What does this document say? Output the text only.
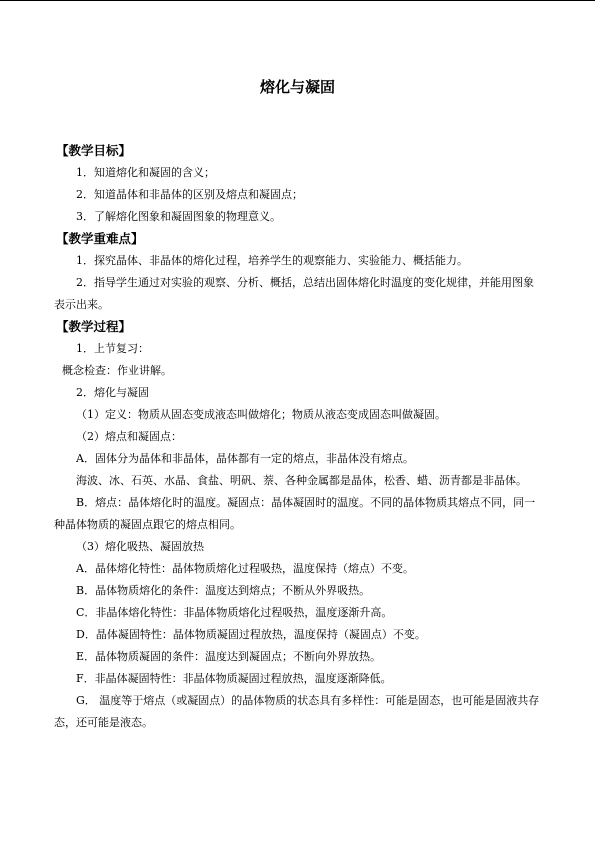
熔化与凝固
【教学目标】
1．知道熔化和凝固的含义；
2．知道晶体和非晶体的区别及熔点和凝固点；
3．了解熔化图象和凝固图象的物理意义。
【教学重难点】
1．探究晶体、非晶体的熔化过程，培养学生的观察能力、实验能力、概括能力。
2．指导学生通过对实验的观察、分析、概括，总结出固体熔化时温度的变化规律，并能用图象表示出来。
【教学过程】
1．上节复习：
概念检查：作业讲解。
2．熔化与凝固
（1）定义：物质从固态变成液态叫做熔化；物质从液态变成固态叫做凝固。
（2）熔点和凝固点：
A．固体分为晶体和非晶体，晶体都有一定的熔点，非晶体没有熔点。
海波、冰、石英、水晶、食盐、明矾、萘、各种金属都是晶体，松香、蜡、沥青都是非晶体。
B．熔点：晶体熔化时的温度。凝固点：晶体凝固时的温度。不同的晶体物质其熔点不同，同一种晶体物质的凝固点跟它的熔点相同。
（3）熔化吸热、凝固放热
A．晶体熔化特性：晶体物质熔化过程吸热，温度保持（熔点）不变。
B．晶体物质熔化的条件：温度达到熔点；不断从外界吸热。
C．非晶体熔化特性：非晶体物质熔化过程吸热，温度逐渐升高。
D．晶体凝固特性：晶体物质凝固过程放热，温度保持（凝固点）不变。
E．晶体物质凝固的条件：温度达到凝固点；不断向外界放热。
F．非晶体凝固特性：非晶体物质凝固过程放热，温度逐渐降低。
G． 温度等于熔点（或凝固点）的晶体物质的状态具有多样性：可能是固态，也可能是固液共存态，还可能是液态。
